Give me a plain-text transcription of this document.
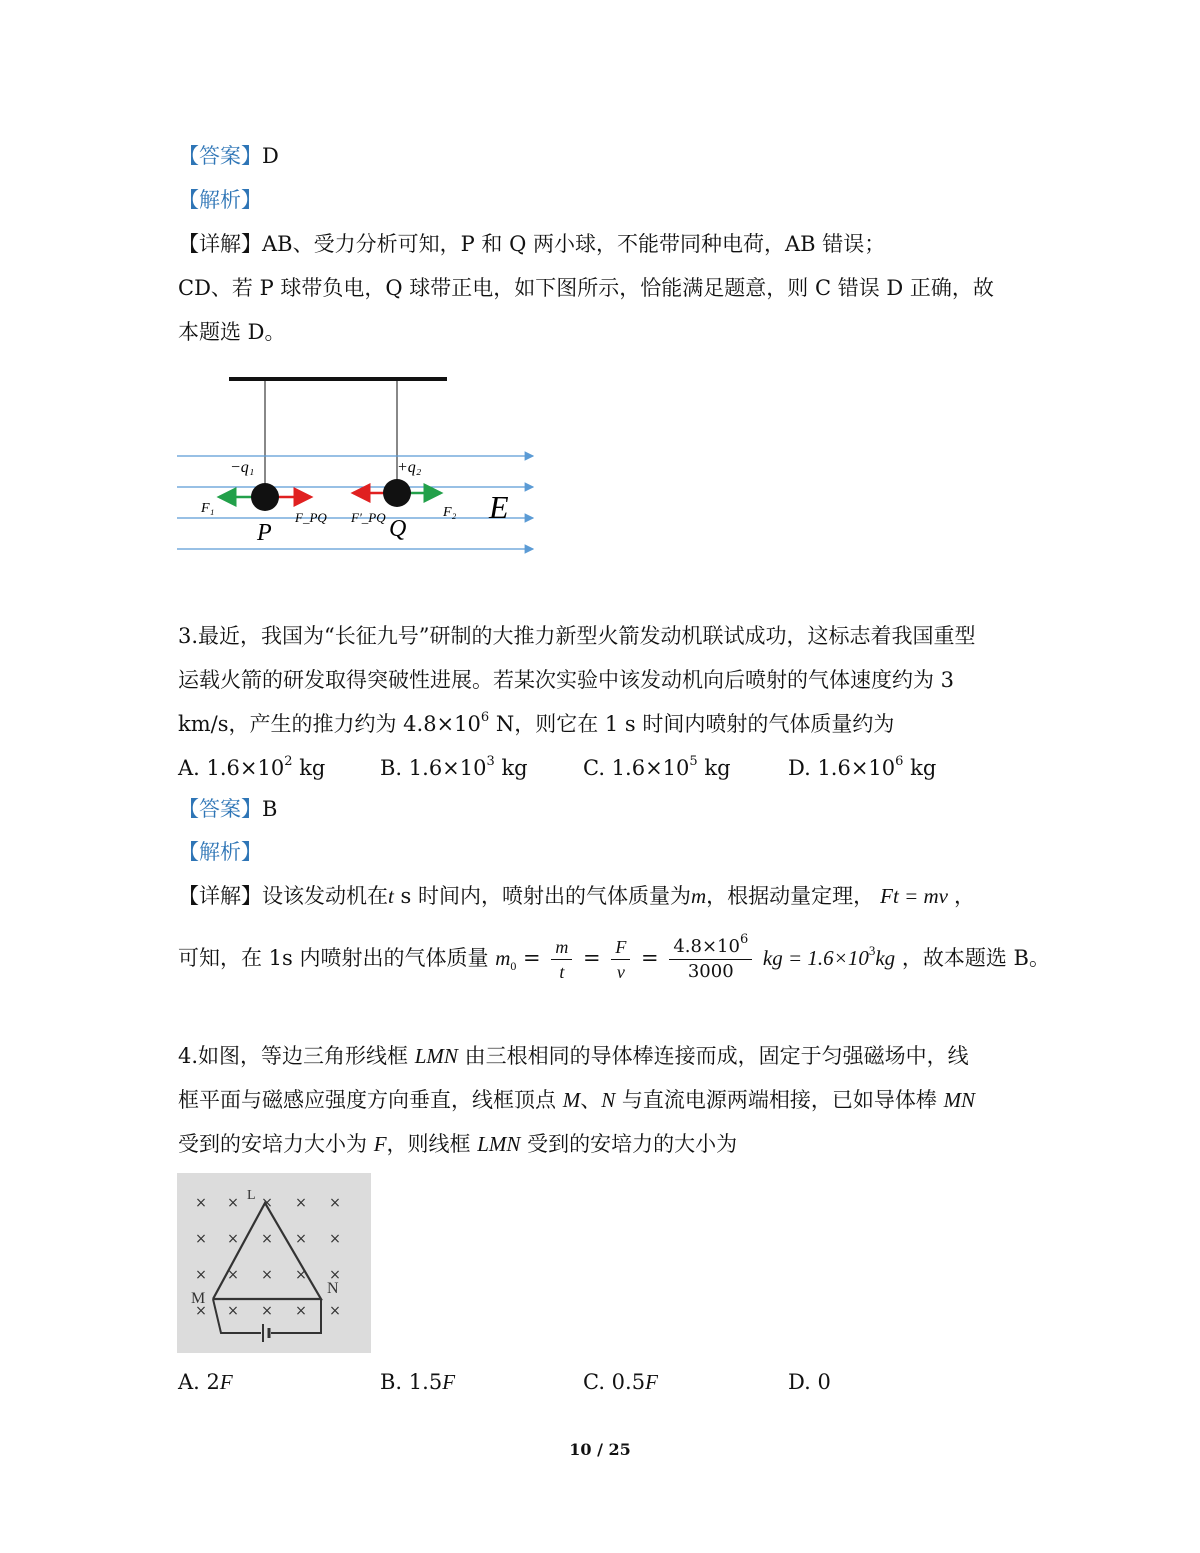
【答案】D
【解析】
【详解】AB、受力分析可知，P 和 Q 两小球，不能带同种电荷，AB 错误；
CD、若 P 球带负电，Q 球带正电，如下图所示，恰能满足题意，则 C 错误 D 正确，故
本题选 D。
−q₁	+q₂
F₁
F_PQ F′_PQ	F₂
P	Q
E
3.最近，我国为“长征九号”研制的大推力新型火箭发动机联试成功，这标志着我国重型
运载火箭的研发取得突破性进展。若某次实验中该发动机向后喷射的气体速度约为 3
km/s，产生的推力约为 $4.8\times 10^6$ N，则它在 1 s 时间内喷射的气体质量约为
A. $1.6\times 10^2$ kg	B. $1.6\times 10^3$ kg	C. $1.6\times 10^5$ kg	D. $1.6\times 10^6$ kg
【答案】B
【解析】
【详解】设该发动机在t s 时间内，喷射出的气体质量为m，根据动量定理， Ft = mv ，
可知，在 1s 内喷射出的气体质量 $m_0 = \frac{m}{t} = \frac{F}{v} = \frac{4.8\times 10^6}{3000}$ kg = $1.6\times 10^3kg$ ，故本题选 B。
4.如图，等边三角形线框 LMN 由三根相同的导体棒连接而成，固定于匀强磁场中，线
框平面与磁感应强度方向垂直，线框顶点 M、N 与直流电源两端相接，已如导体棒 MN
受到的安培力大小为 F，则线框 LMN 受到的安培力的大小为
× × × × ×
× × × × ×
× × × × ×
× × × × ×
L
M
N
A. 2F	B. 1.5F	C. 0.5F	D. 0
10 / 25
